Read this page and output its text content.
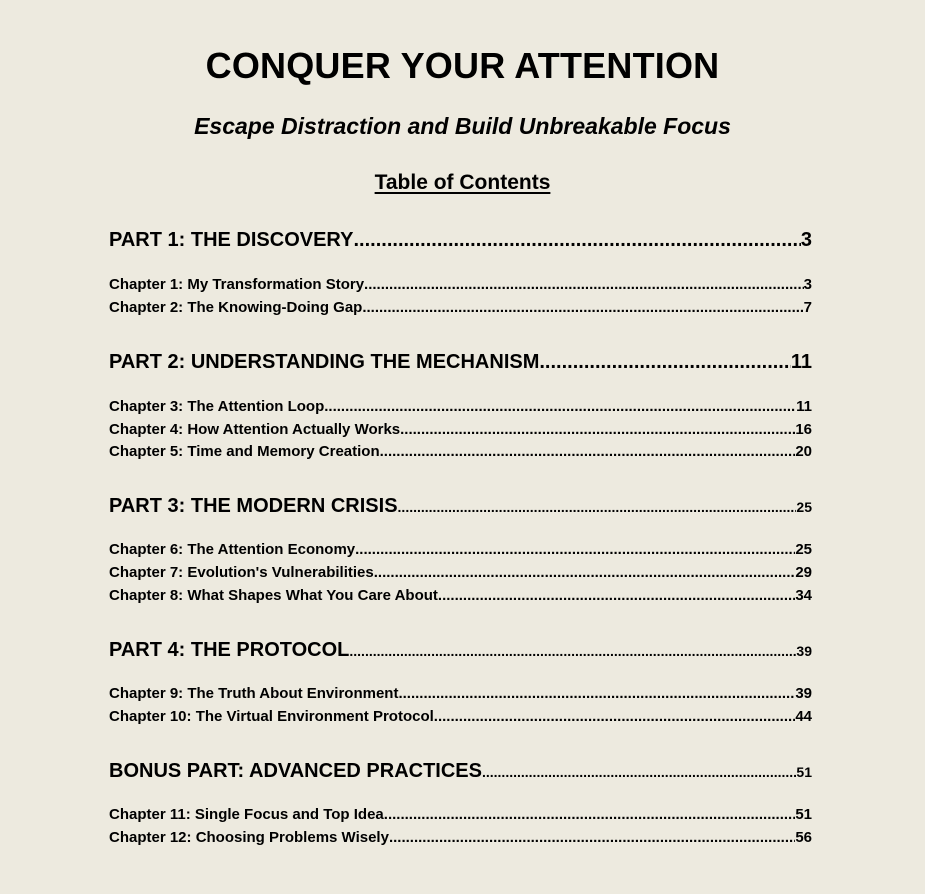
CONQUER YOUR ATTENTION
Escape Distraction and Build Unbreakable Focus
Table of Contents
PART 1: THE DISCOVERY .....	3
Chapter 1: My Transformation Story .....	3
Chapter 2: The Knowing-Doing Gap .....	7
PART 2: UNDERSTANDING THE MECHANISM .....	11
Chapter 3: The Attention Loop .....	11
Chapter 4: How Attention Actually Works .....	16
Chapter 5: Time and Memory Creation .....	20
PART 3: THE MODERN CRISIS .....	25
Chapter 6: The Attention Economy .....	25
Chapter 7: Evolution's Vulnerabilities .....	29
Chapter 8: What Shapes What You Care About .....	34
PART 4: THE PROTOCOL .....	39
Chapter 9: The Truth About Environment .....	39
Chapter 10: The Virtual Environment Protocol .....	44
BONUS PART: ADVANCED PRACTICES .....	51
Chapter 11: Single Focus and Top Idea .....	51
Chapter 12: Choosing Problems Wisely .....	56
